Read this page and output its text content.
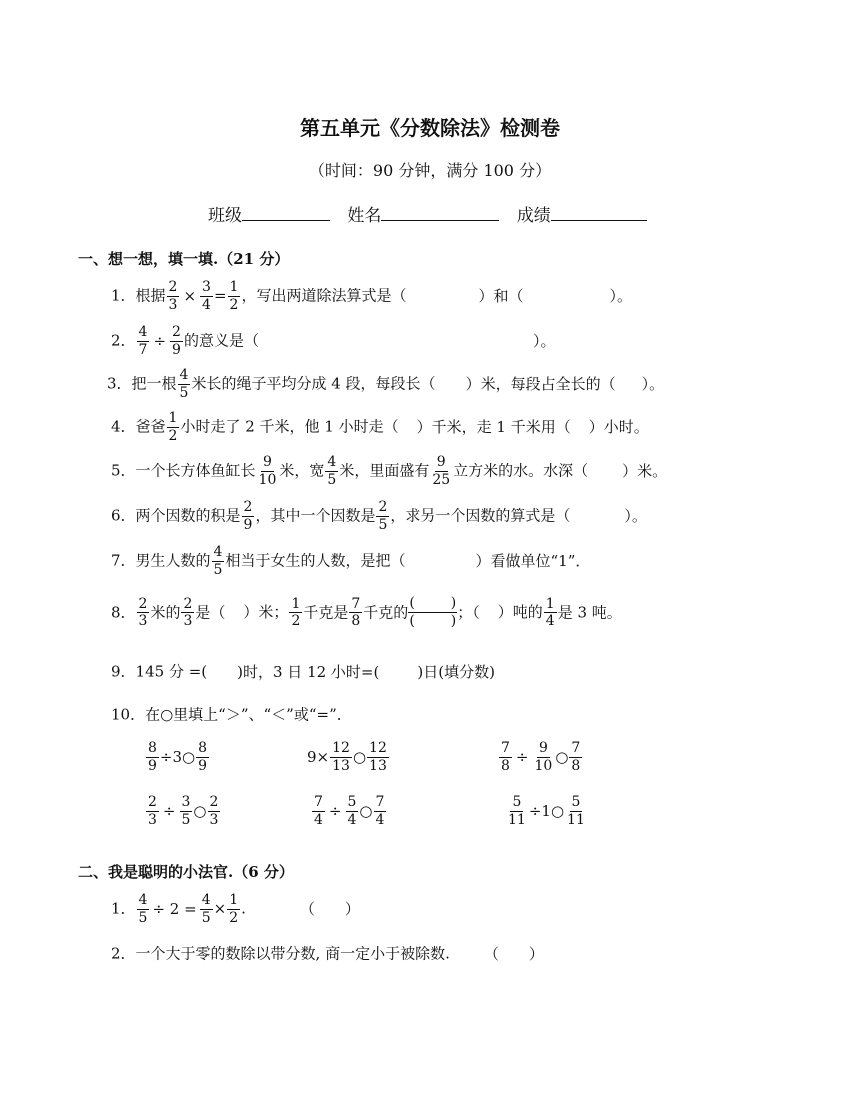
第五单元《分数除法》检测卷
（时间：90 分钟，满分 100 分）
班级	姓名	成绩
一、想一想，填一填.（21 分）
1．根据 $\frac{2}{3} \times \frac{3}{4} = \frac{1}{2}$ ，写出两道除法算式是（	）和（	）。
2． $\frac{4}{7} \div \frac{2}{9}$ 的意义是（	）。
3．把一根 $\frac{4}{5}$ 米长的绳子平均分成 4 段，每段长（ ）米，每段占全长的（ ）。
4．爸爸 $\frac{1}{2}$ 小时走了 2 千米，他 1 小时走（ ）千米，走 1 千米用（ ）小时。
5．一个长方体鱼缸长 $\frac{9}{10}$ 米，宽 $\frac{4}{5}$ 米，里面盛有 $\frac{9}{25}$ 立方米的水。水深（ ）米。
6．两个因数的积是 $\frac{2}{9}$ ，其中一个因数是 $\frac{2}{5}$ ，求另一个因数的算式是（	）。
7．男生人数的 $\frac{4}{5}$ 相当于女生的人数，是把（	）看做单位“1”．
8． $\frac{2}{3}$ 米的 $\frac{2}{3}$ 是（ ）米； $\frac{1}{2}$ 千克是 $\frac{7}{8}$ 千克的
(	)
(	) ；（ ）吨的 $\frac{1}{4}$ 是 3 吨。
9．145 分 =( )时，3 日 12 小时=(	)日(填分数)
10．在○里填上“＞”、“＜”或“=”．
$\frac{8}{9}$ ÷3○ $\frac{8}{9}$	$9\times \frac{12}{13}$ ○ $\frac{12}{13}$	$\frac{7}{8} \div \frac{9}{10}$ ○ $\frac{7}{8}$
$\frac{2}{3} \div \frac{3}{5}$ ○ $\frac{2}{3}$	$\frac{7}{4} \div \frac{5}{4}$ ○ $\frac{7}{4}$	$\frac{5}{11}$ ÷1○ $\frac{5}{11}$
二、我是聪明的小法官.（6 分）
1． $\frac{4}{5} \div 2 = \frac{4}{5} \times \frac{1}{2}$ .	（　　）
2．一个大于零的数除以带分数, 商一定小于被除数. （　　）
